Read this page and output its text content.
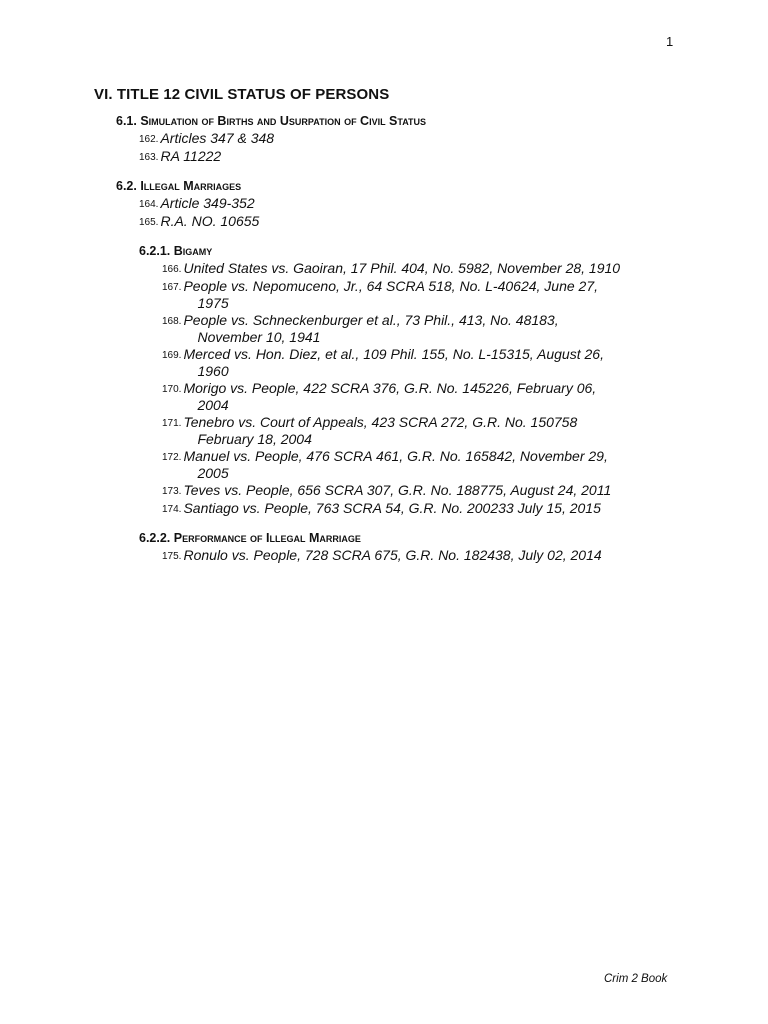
1
VI. TITLE 12 CIVIL STATUS OF PERSONS
6.1. Simulation of Births and Usurpation of Civil Status
162. Articles 347 & 348
163. RA 11222
6.2. Illegal Marriages
164. Article 349-352
165. R.A. NO. 10655
6.2.1. Bigamy
166. United States vs. Gaoiran, 17 Phil. 404, No. 5982, November 28, 1910
167. People vs. Nepomuceno, Jr., 64 SCRA 518, No. L-40624, June 27,
1975
168. People vs. Schneckenburger et al., 73 Phil., 413, No. 48183,
November 10, 1941
169. Merced vs. Hon. Diez, et al., 109 Phil. 155, No. L-15315, August 26,
1960
170. Morigo vs. People, 422 SCRA 376, G.R. No. 145226, February 06,
2004
171. Tenebro vs. Court of Appeals, 423 SCRA 272, G.R. No. 150758
February 18, 2004
172. Manuel vs. People, 476 SCRA 461, G.R. No. 165842, November 29,
2005
173. Teves vs. People, 656 SCRA 307, G.R. No. 188775, August 24, 2011
174. Santiago vs. People, 763 SCRA 54, G.R. No. 200233 July 15, 2015
6.2.2. Performance of Illegal Marriage
175. Ronulo vs. People, 728 SCRA 675, G.R. No. 182438, July 02, 2014
Crim 2 Book
